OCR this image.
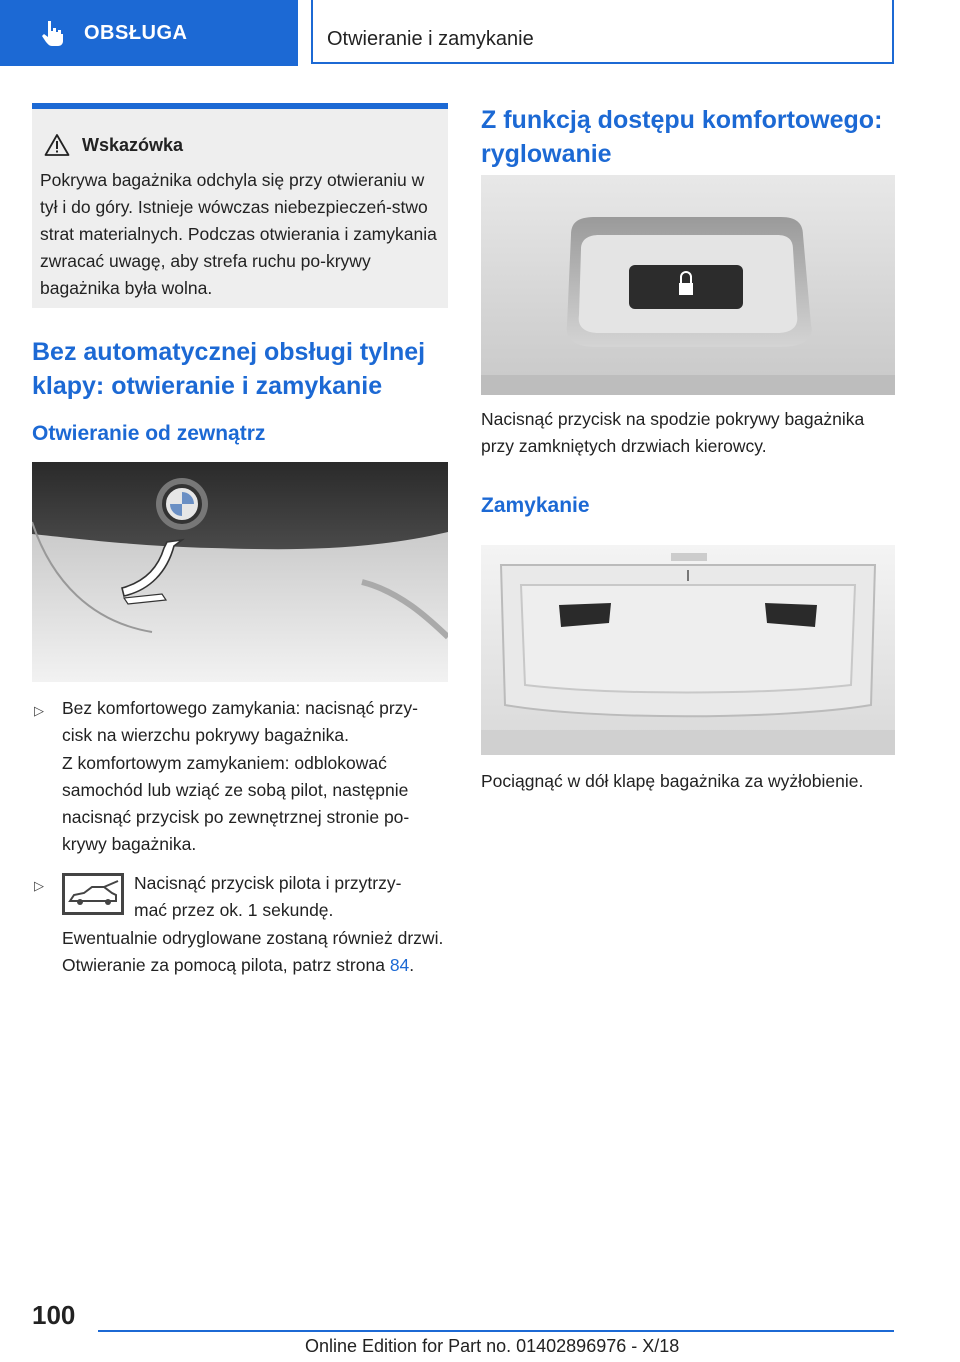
OBSŁUGA	Otwieranie i zamykanie
Wskazówka
Pokrywa bagażnika odchyla się przy otwieraniu w tył i do góry. Istnieje wówczas niebezpieczeń-stwo strat materialnych. Podczas otwierania i zamykania zwracać uwagę, aby strefa ruchu po-krywy bagażnika była wolna.
Bez automatycznej obsługi tylnej klapy: otwieranie i zamykanie
Otwieranie od zewnątrz
▷ Bez komfortowego zamykania: nacisnąć przy-cisk na wierzchu pokrywy bagażnika.
Z komfortowym zamykaniem: odblokować samochód lub wziąć ze sobą pilot, następnie nacisnąć przycisk po zewnętrznej stronie po-krywy bagażnika.
▷	Nacisnąć przycisk pilota i przytrzy-mać przez ok. 1 sekundę.
Ewentualnie odryglowane zostaną również drzwi. Otwieranie za pomocą pilota, patrz strona 84.
Z funkcją dostępu komfortowego: ryglowanie
Nacisnąć przycisk na spodzie pokrywy bagażnika przy zamkniętych drzwiach kierowcy.
Zamykanie
Pociągnąć w dół klapę bagażnika za wyżłobienie.
100
Online Edition for Part no. 01402896976 - X/18
